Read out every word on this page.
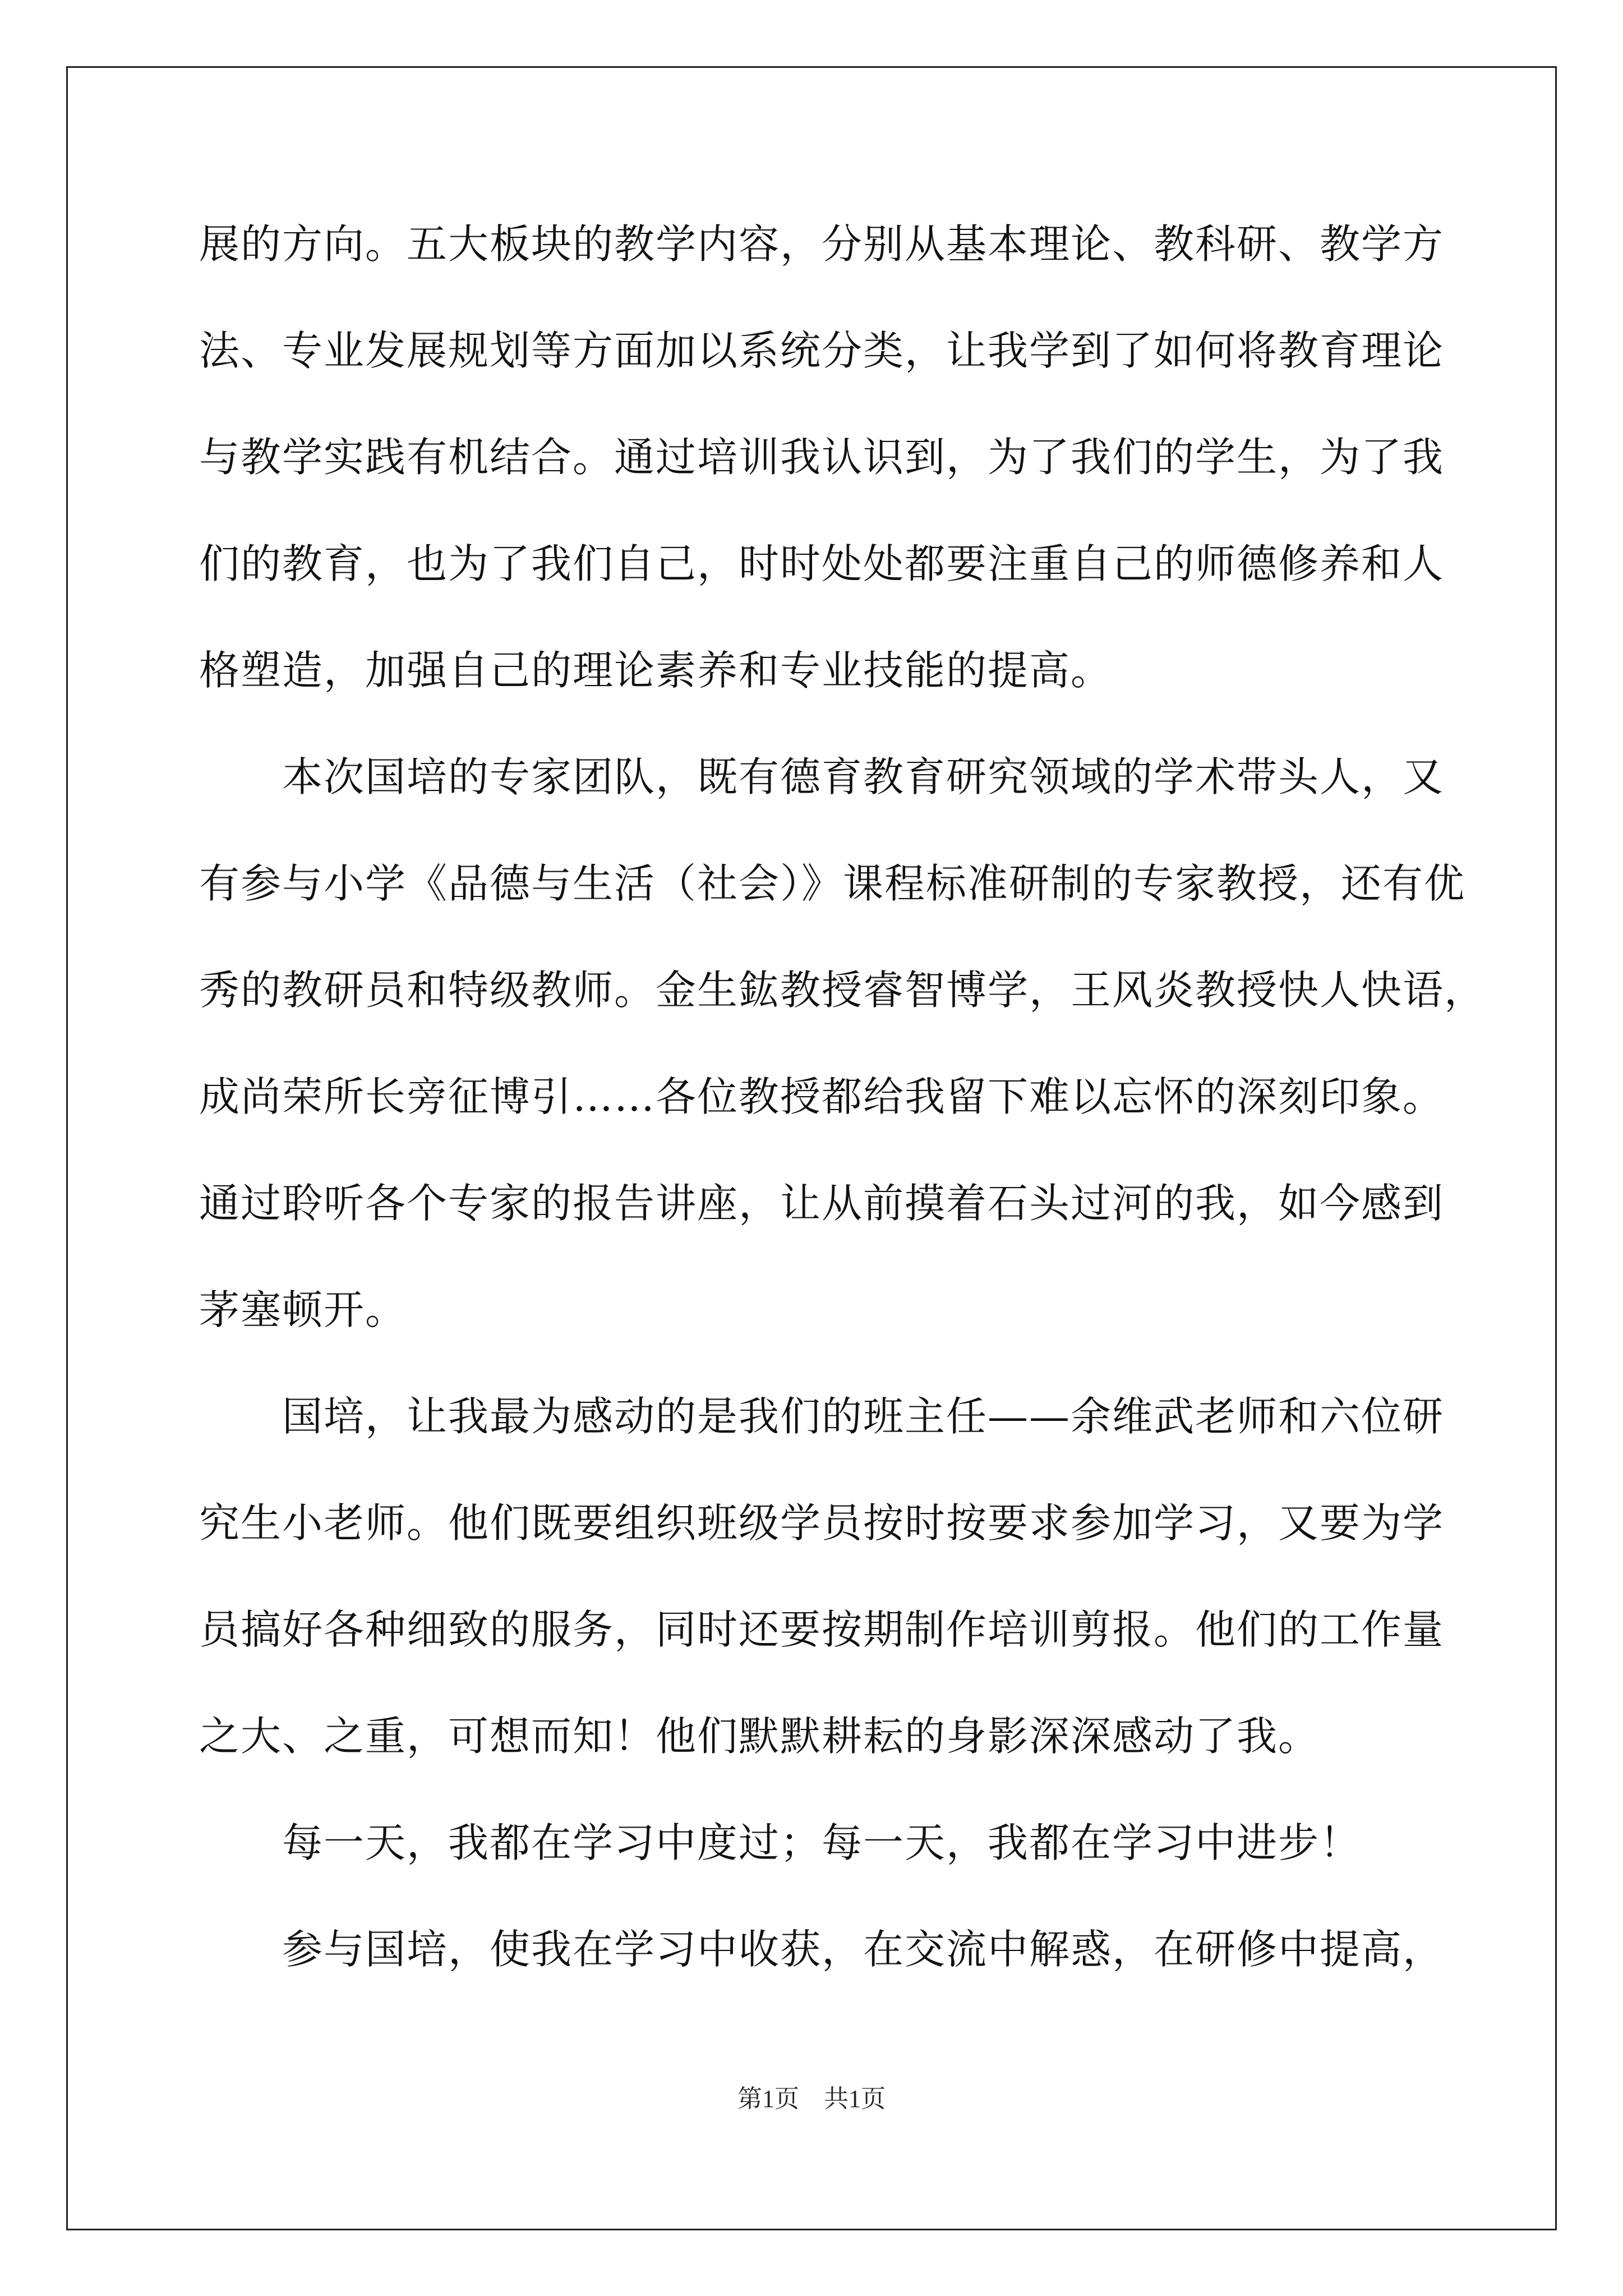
展的方向。五大板块的教学内容，分别从基本理论、教科研、教学方
法、专业发展规划等方面加以系统分类，让我学到了如何将教育理论
与教学实践有机结合。通过培训我认识到，为了我们的学生，为了我
们的教育，也为了我们自己，时时处处都要注重自己的师德修养和人
格塑造，加强自己的理论素养和专业技能的提高。
　　本次国培的专家团队，既有德育教育研究领域的学术带头人，又
有参与小学《品德与生活（社会）》课程标准研制的专家教授，还有优
秀的教研员和特级教师。金生鈜教授睿智博学，王风炎教授快人快语，
成尚荣所长旁征博引……各位教授都给我留下难以忘怀的深刻印象。
通过聆听各个专家的报告讲座，让从前摸着石头过河的我，如今感到
茅塞顿开。
　　国培，让我最为感动的是我们的班主任——余维武老师和六位研
究生小老师。他们既要组织班级学员按时按要求参加学习，又要为学
员搞好各种细致的服务，同时还要按期制作培训剪报。他们的工作量
之大、之重，可想而知！他们默默耕耘的身影深深感动了我。
　　每一天，我都在学习中度过；每一天，我都在学习中进步！
　　参与国培，使我在学习中收获，在交流中解惑，在研修中提高，
第1页　共1页
